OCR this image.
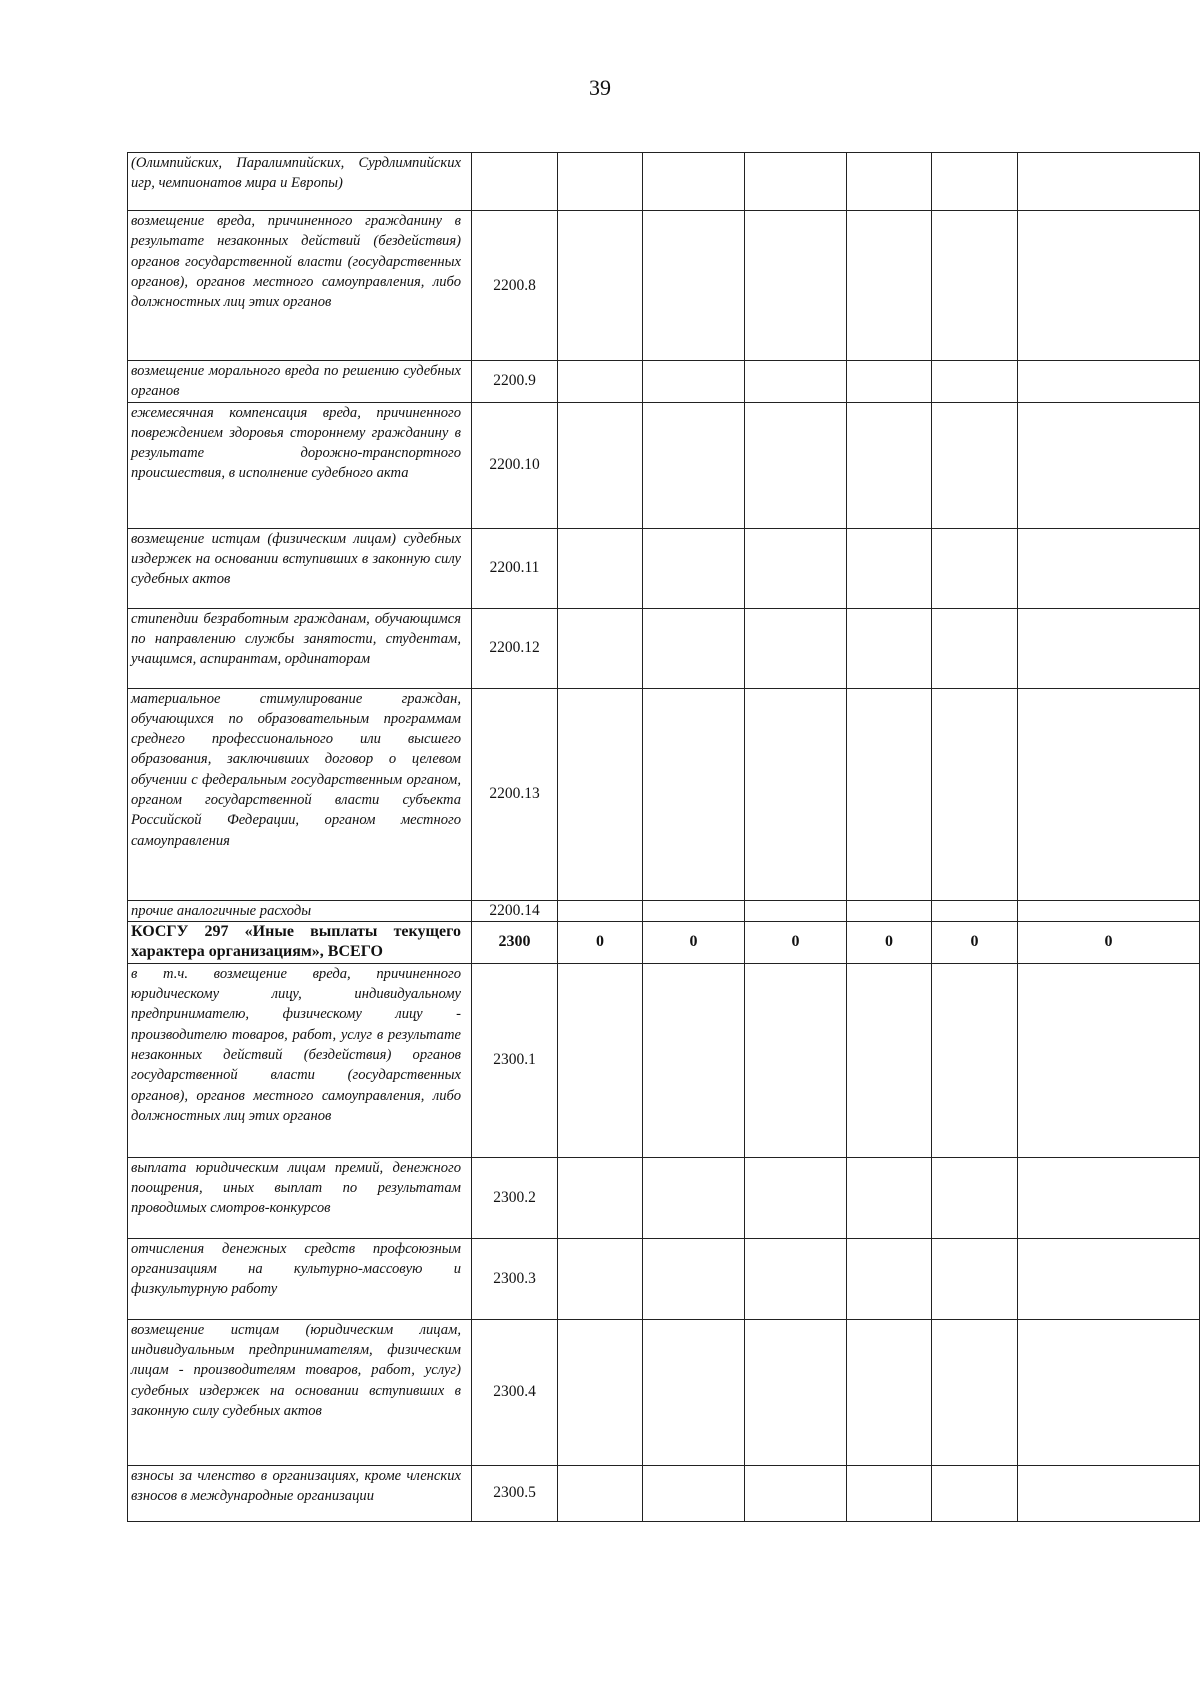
39
(Олимпийских, Паралимпийских, Сурдлимпийских игр, чемпионатов мира и Европы)							
возмещение вреда, причиненного гражданину в результате незаконных действий (бездействия) органов государственной власти (государственных органов), органов местного самоуправления, либо должностных лиц этих органов	2200.8						
возмещение морального вреда по решению судебных органов	2200.9						
ежемесячная компенсация вреда, причиненного повреждением здоровья стороннему гражданину в результате дорожно-транспортного происшествия, в исполнение судебного акта	2200.10						
возмещение истцам (физическим лицам) судебных издержек на основании вступивших в законную силу судебных актов	2200.11						
стипендии безработным гражданам, обучающимся по направлению службы занятости, студентам, учащимся, аспирантам, ординаторам	2200.12						
материальное стимулирование граждан, обучающихся по образовательным программам среднего профессионального или высшего образования, заключивших договор о целевом обучении с федеральным государственным органом, органом государственной власти субъекта Российской Федерации, органом местного самоуправления	2200.13						
прочие аналогичные расходы	2200.14						
КОСГУ 297 «Иные выплаты текущего характера организациям», ВСЕГО	2300	0	0	0	0	0	0
в т.ч. возмещение вреда, причиненного юридическому лицу, индивидуальному предпринимателю, физическому лицу - производителю товаров, работ, услуг в результате незаконных действий (бездействия) органов государственной власти (государственных органов), органов местного самоуправления, либо должностных лиц этих органов	2300.1						
выплата юридическим лицам премий, денежного поощрения, иных выплат по результатам проводимых смотров-конкурсов	2300.2						
отчисления денежных средств профсоюзным организациям на культурно-массовую и физкультурную работу	2300.3						
возмещение истцам (юридическим лицам, индивидуальным предпринимателям, физическим лицам - производителям товаров, работ, услуг) судебных издержек на основании вступивших в законную силу судебных актов	2300.4						
взносы за членство в организациях, кроме членских взносов в международные организации	2300.5						
